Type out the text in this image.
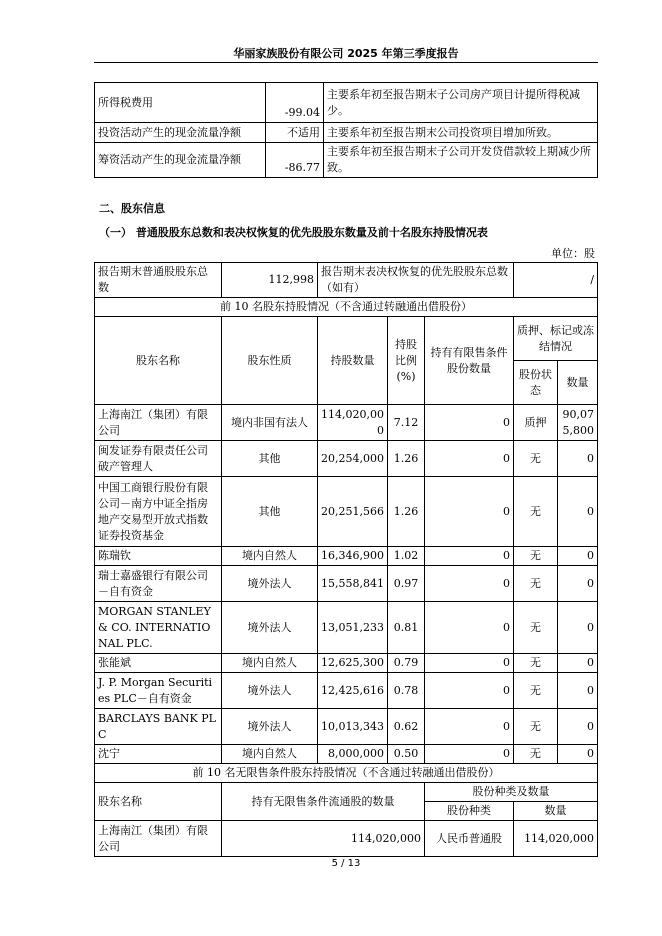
华丽家族股份有限公司 2025 年第三季度报告
所得税费用	-99.04	主要系年初至报告期末子公司房产项目计提所得税减少。
投资活动产生的现金流量净额	不适用	主要系年初至报告期末公司投资项目增加所致。
筹资活动产生的现金流量净额	-86.77	主要系年初至报告期末子公司开发贷借款较上期减少所致。
二、股东信息
（一） 普通股股东总数和表决权恢复的优先股股东数量及前十名股东持股情况表
单位：股
报告期末普通股股东总数	112,998	报告期末表决权恢复的优先股股东总数（如有）			/	
前 10 名股东持股情况（不含通过转融通出借股份）						
股东名称	股东性质	持股数量	持股比例(%)	持有有限售条件股份数量	质押、标记或冻结情况	
					股份状态	数量
上海南江（集团）有限公司	境内非国有法人	114,020,000	7.12	0	质押	90,075,800
闽发证券有限责任公司破产管理人	其他	20,254,000	1.26	0	无	0
中国工商银行股份有限公司－南方中证全指房地产交易型开放式指数证券投资基金	其他	20,251,566	1.26	0	无	0
陈瑞钦	境内自然人	16,346,900	1.02	0	无	0
瑞士嘉盛银行有限公司－自有资金	境外法人	15,558,841	0.97	0	无	0
MORGAN STANLEY & CO. INTERNATIONAL PLC.	境外法人	13,051,233	0.81	0	无	0
张能斌	境内自然人	12,625,300	0.79	0	无	0
J. P. Morgan Securities PLC－自有资金	境外法人	12,425,616	0.78	0	无	0
BARCLAYS BANK PLC	境外法人	10,013,343	0.62	0	无	0
沈宁	境内自然人	8,000,000	0.50	0	无	0
前 10 名无限售条件股东持股情况（不含通过转融通出借股份）						
股东名称	持有无限售条件流通股的数量			股份种类及数量		
				股份种类	数量	
上海南江（集团）有限公司	114,020,000			人民币普通股	114,020,000	
5 / 13
